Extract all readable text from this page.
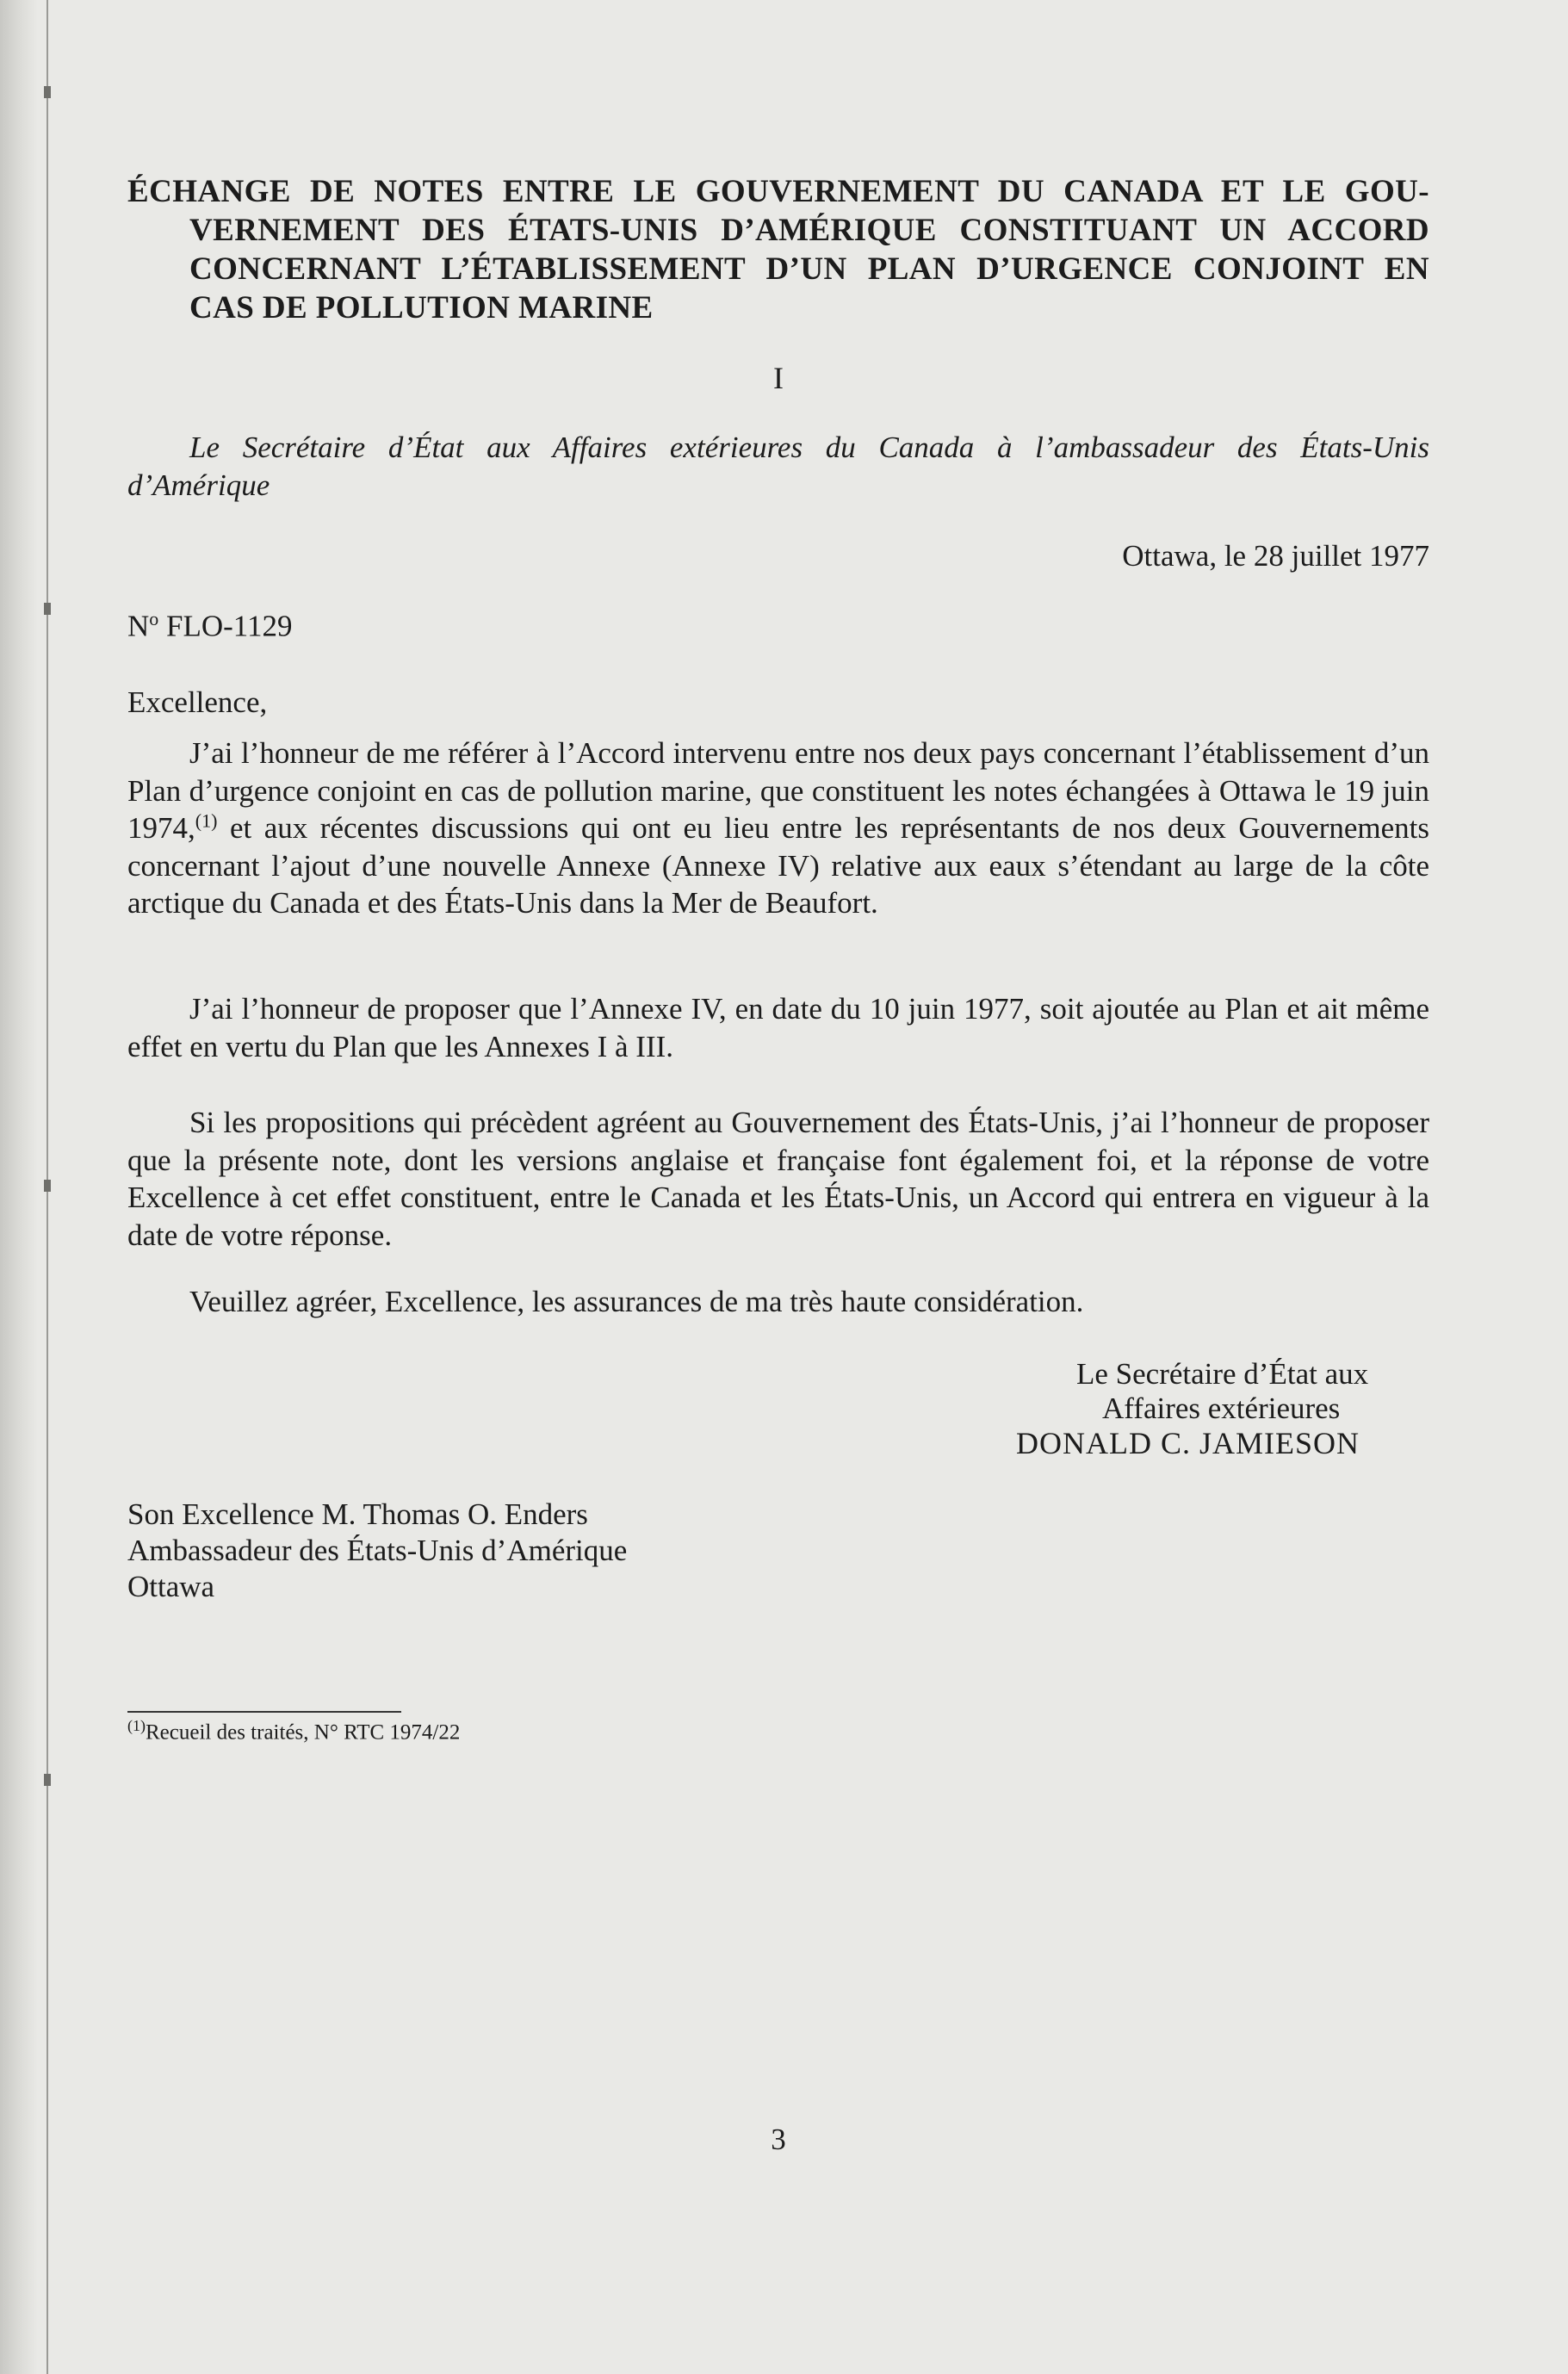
ÉCHANGE DE NOTES ENTRE LE GOUVERNEMENT DU CANADA ET LE GOU-
VERNEMENT DES ÉTATS-UNIS D’AMÉRIQUE CONSTITUANT UN ACCORD
CONCERNANT L’ÉTABLISSEMENT D’UN PLAN D’URGENCE CONJOINT EN
CAS DE POLLUTION MARINE
I
Le Secrétaire d’État aux Affaires extérieures du Canada à l’ambassadeur des États-Unis
d’Amérique
Ottawa, le 28 juillet 1977
$N^o$ FLO-1129
Excellence,

J’ai l’honneur de me référer à l’Accord intervenu entre nos deux pays concernant l’établissement d’un Plan d’urgence conjoint en cas de pollution marine, que constituent les notes échangées à Ottawa le 19 juin 1974,$^{(1)}$ et aux récentes discussions qui ont eu lieu entre les représentants de nos deux Gouvernements concernant l’ajout d’une nouvelle Annexe (Annexe IV) relative aux eaux s’étendant au large de la côte arctique du Canada et des États-Unis dans la Mer de Beaufort.

J’ai l’honneur de proposer que l’Annexe IV, en date du 10 juin 1977, soit ajoutée au Plan et ait même effet en vertu du Plan que les Annexes I à III.

Si les propositions qui précèdent agréent au Gouvernement des États-Unis, j’ai l’honneur de proposer que la présente note, dont les versions anglaise et française font également foi, et la réponse de votre Excellence à cet effet constituent, entre le Canada et les États-Unis, un Accord qui entrera en vigueur à la date de votre réponse.

Veuillez agréer, Excellence, les assurances de ma très haute considération.

Le Secrétaire d’État aux
Affaires extérieures
DONALD C. JAMIESON
Son Excellence M. Thomas O. Enders
Ambassadeur des États-Unis d’Amérique
Ottawa
$^{(1)}$Recueil des traités, N° RTC 1974/22
3
